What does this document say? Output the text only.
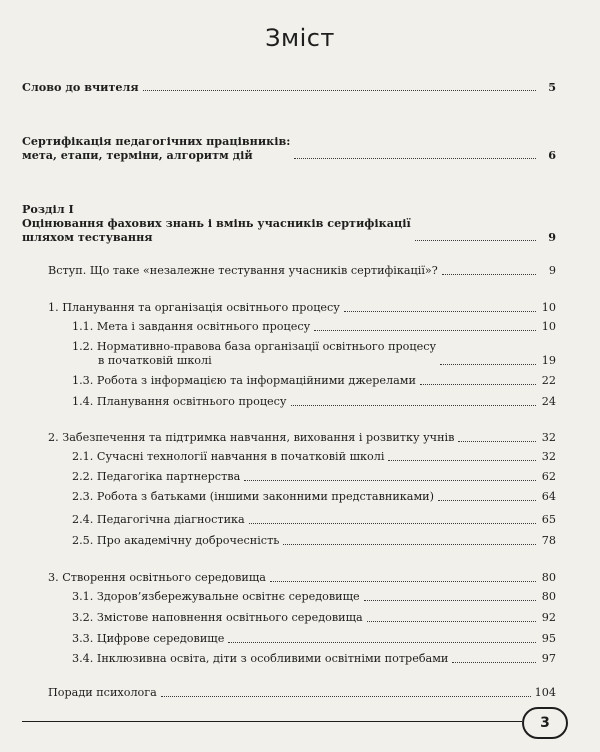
Зміст
Слово до вчителя	5
Сертифікація педагогічних працівників:
мета, етапи, терміни, алгоритм дій	6
Розділ І
Оцінювання фахових знань і вмінь учасників сертифікації
шляхом тестування	9
Вступ. Що таке «незалежне тестування учасників сертифікації»?	9
1. Планування та організація освітнього процесу	10
1.1. Мета і завдання освітнього процесу	10
1.2. Нормативно-правова база організації освітнього процесу
в початковій школі	19
1.3. Робота з інформацією та інформаційними джерелами	22
1.4. Планування освітнього процесу	24
2. Забезпечення та підтримка навчання, виховання і розвитку учнів	32
2.1. Сучасні технології навчання в початковій школі	32
2.2. Педагогіка партнерства	62
2.3. Робота з батьками (іншими законними представниками)	64
2.4. Педагогічна діагностика	65
2.5. Про академічну доброчесність	78
3. Створення освітнього середовища	80
3.1. Здоров’язбережувальне освітнє середовище	80
3.2. Змістове наповнення освітнього середовища	92
3.3. Цифрове середовище	95
3.4. Інклюзивна освіта, діти з особливими освітніми потребами	97
Поради психолога	104
3
